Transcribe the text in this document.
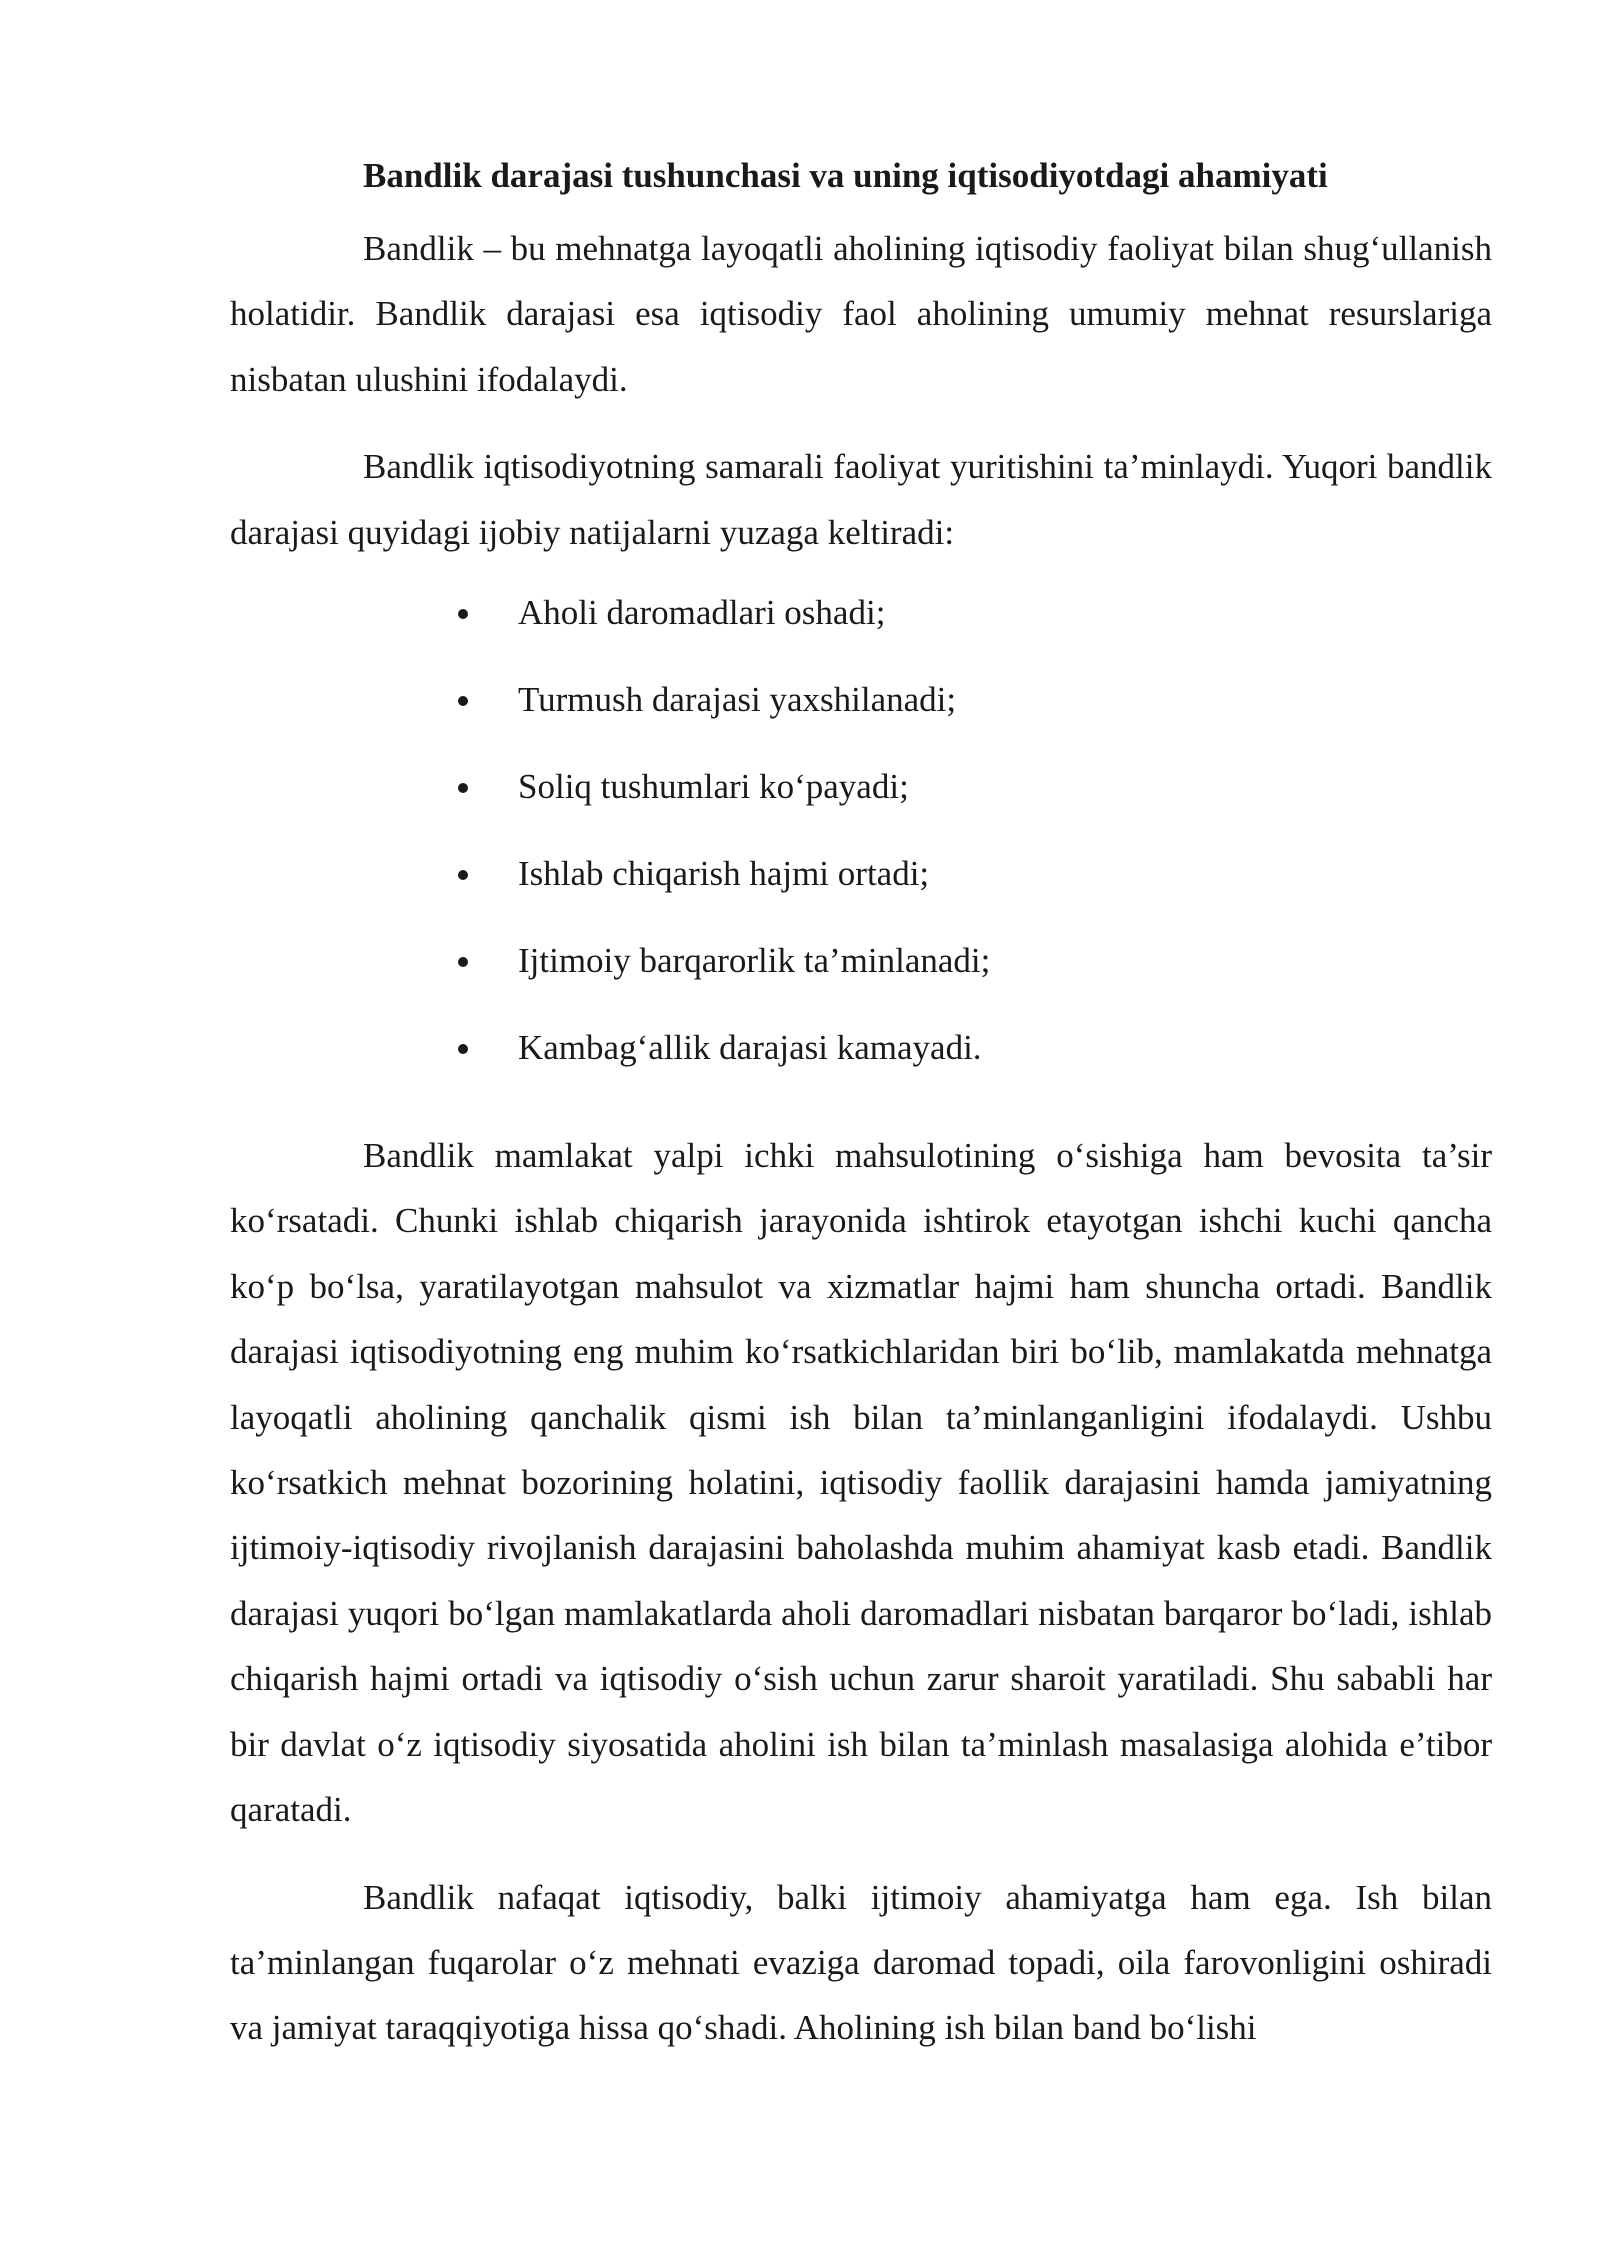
Bandlik darajasi tushunchasi va uning iqtisodiyotdagi ahamiyati

Bandlik – bu mehnatga layoqatli aholining iqtisodiy faoliyat bilan shug‘ullanish holatidir. Bandlik darajasi esa iqtisodiy faol aholining umumiy mehnat resurslariga nisbatan ulushini ifodalaydi.

Bandlik iqtisodiyotning samarali faoliyat yuritishini ta’minlaydi. Yuqori bandlik darajasi quyidagi ijobiy natijalarni yuzaga keltiradi:

Aholi daromadlari oshadi;
Turmush darajasi yaxshilanadi;
Soliq tushumlari ko‘payadi;
Ishlab chiqarish hajmi ortadi;
Ijtimoiy barqarorlik ta’minlanadi;
Kambag‘allik darajasi kamayadi.

Bandlik mamlakat yalpi ichki mahsulotining o‘sishiga ham bevosita ta’sir ko‘rsatadi. Chunki ishlab chiqarish jarayonida ishtirok etayotgan ishchi kuchi qancha ko‘p bo‘lsa, yaratilayotgan mahsulot va xizmatlar hajmi ham shuncha ortadi. Bandlik darajasi iqtisodiyotning eng muhim ko‘rsatkichlaridan biri bo‘lib, mamlakatda mehnatga layoqatli aholining qanchalik qismi ish bilan ta’minlanganligini ifodalaydi. Ushbu ko‘rsatkich mehnat bozorining holatini, iqtisodiy faollik darajasini hamda jamiyatning ijtimoiy-iqtisodiy rivojlanish darajasini baholashda muhim ahamiyat kasb etadi. Bandlik darajasi yuqori bo‘lgan mamlakatlarda aholi daromadlari nisbatan barqaror bo‘ladi, ishlab chiqarish hajmi ortadi va iqtisodiy o‘sish uchun zarur sharoit yaratiladi. Shu sababli har bir davlat o‘z iqtisodiy siyosatida aholini ish bilan ta’minlash masalasiga alohida e’tibor qaratadi.

Bandlik nafaqat iqtisodiy, balki ijtimoiy ahamiyatga ham ega. Ish bilan ta’minlangan fuqarolar o‘z mehnati evaziga daromad topadi, oila farovonligini oshiradi va jamiyat taraqqiyotiga hissa qo‘shadi. Aholining ish bilan band bo‘lishi
